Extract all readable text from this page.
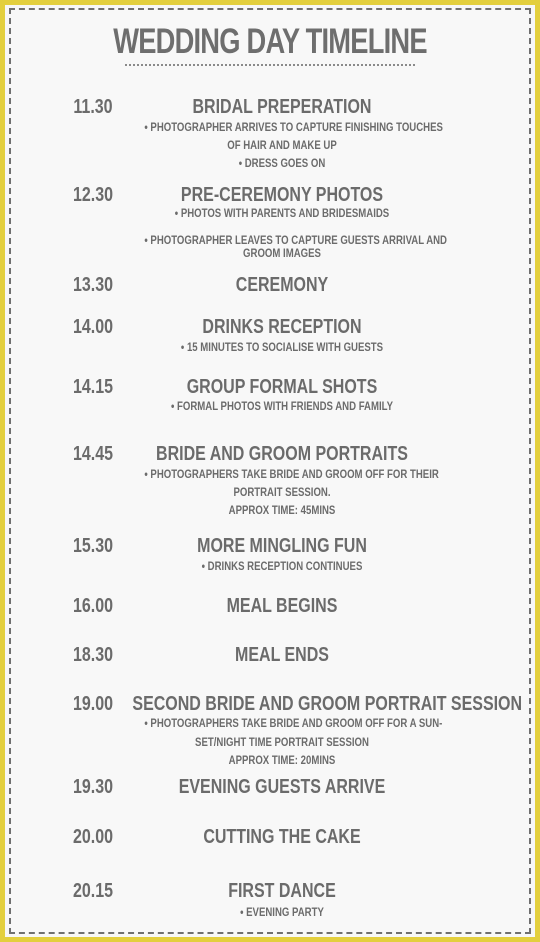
WEDDING DAY TIMELINE
11.30	BRIDAL PREPERATION
• PHOTOGRAPHER ARRIVES TO CAPTURE FINISHING TOUCHES
OF HAIR AND MAKE UP
• DRESS GOES ON
12.30	PRE-CEREMONY PHOTOS
• PHOTOS WITH PARENTS AND BRIDESMAIDS
• PHOTOGRAPHER LEAVES TO CAPTURE GUESTS ARRIVAL AND
GROOM IMAGES
13.30	CEREMONY
14.00	DRINKS RECEPTION
• 15 MINUTES TO SOCIALISE WITH GUESTS
14.15	GROUP FORMAL SHOTS
• FORMAL PHOTOS WITH FRIENDS AND FAMILY
14.45	BRIDE AND GROOM PORTRAITS
• PHOTOGRAPHERS TAKE BRIDE AND GROOM OFF FOR THEIR
PORTRAIT SESSION.
APPROX TIME: 45MINS
15.30	MORE MINGLING FUN
• DRINKS RECEPTION CONTINUES
16.00	MEAL BEGINS
18.30	MEAL ENDS
19.00 SECOND BRIDE AND GROOM PORTRAIT SESSION
• PHOTOGRAPHERS TAKE BRIDE AND GROOM OFF FOR A SUN-
SET/NIGHT TIME PORTRAIT SESSION
APPROX TIME: 20MINS
19.30	EVENING GUESTS ARRIVE
20.00	CUTTING THE CAKE
20.15	FIRST DANCE
• EVENING PARTY
